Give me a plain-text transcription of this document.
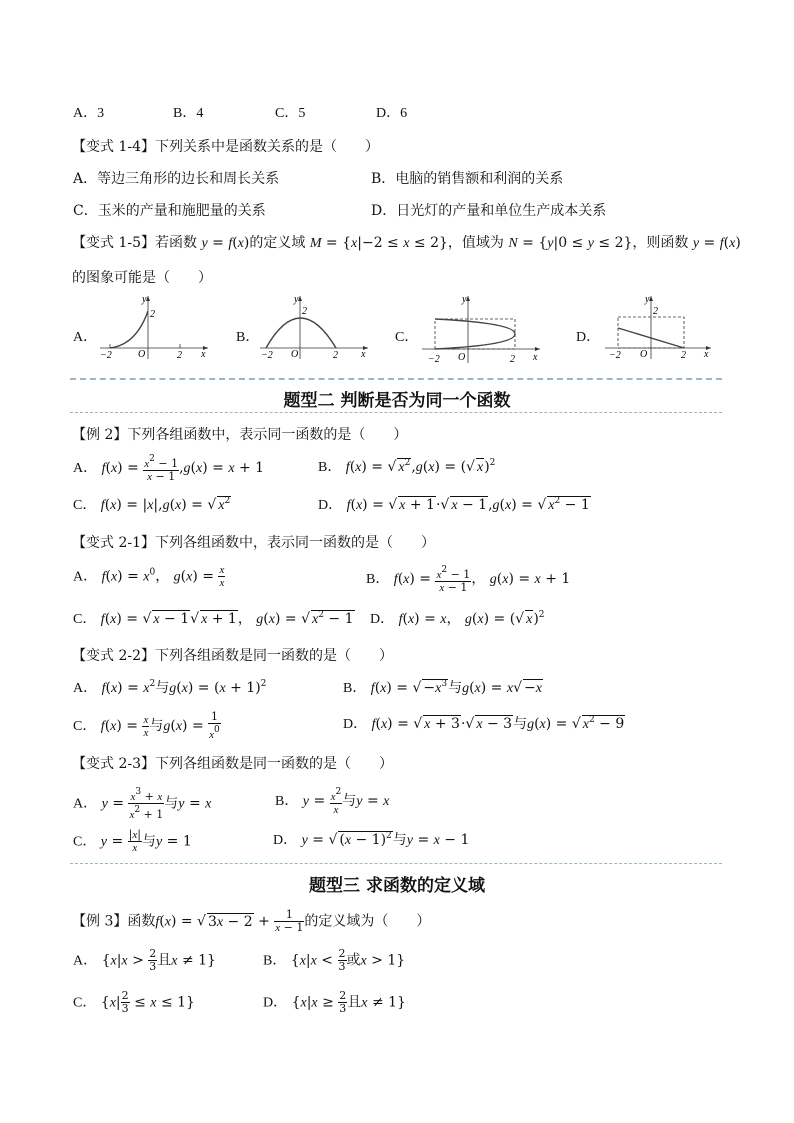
A．3	B．4	C．5	D．6
【变式 1-4】下列关系中是函数关系的是（　　）
A．等边三角形的边长和周长关系	B．电脑的销售额和利润的关系
C．玉米的产量和施肥量的关系	D．日光灯的产量和单位生产成本关系
【变式 1-5】若函数 y = f(x)的定义域 M = {x|−2 ≤ x ≤ 2}，值域为 N = {y|0 ≤ y ≤ 2}，则函数 y = f(x)
的图象可能是（　　）
A．	B．	C．	D．
−2	O	2 x
y
2
−2 O	2 x
y
2
−2 O	2 x
y
−2 O	2 x
y
2
题型二 判断是否为同一个函数
【例 2】下列各组函数中，表示同一函数的是（　　）
A． $f(x) = \frac{x^2 - 1}{x - 1} ,g(x) = x + 1$	B． f(x) = √ $x^2,g(x)$ = (√ x)$^2$
C． f(x) = |x|,g(x) = √ $x^2$	D． f(x) = √ x + 1·√ x − 1,g(x) = √ $x^2 - 1$
【变式 2-1】下列各组函数中，表示同一函数的是（　　）
A． $f(x) = x^0$， $g(x) = \frac{x}{x}$	B． $f(x) = \frac{x^2 - 1}{x - 1}$ ， g(x) = x + 1
C． f(x) = √ x − 1√ x + 1， g(x) = √ $x^2 - 1$ D． f(x) = x， g(x) = (√ x)$^2$
【变式 2-2】下列各组函数是同一函数的是（　　）
A． $f(x) = x^2$与$g(x) = (x + 1)^2$	B． f(x) = √ $-x^3$与g(x) = x√ −x
C． $f(x) = \frac{x}{x}$ 与$g(x) = \frac{1}{x^0}$	D． f(x) = √ x + 3·√ x − 3与g(x) = √ $x^2 - 9$
【变式 2-3】下列各组函数是同一函数的是（　　）
A． $y = \frac{x^3 + x}{x^2 + 1}$ 与y = x	B． $y = \frac{x^2}{x}$ 与y = x
C． $y = \frac{|x|}{x}$ 与y = 1	D． y = √ $(x - 1)^2$与y = x − 1
题型三 求函数的定义域
【例 3】函数f(x) = √ $3x - 2 + \frac{1}{x - 1}$ 的定义域为（　　）
A． {$x|x > \frac{2}{3}$ 且x ≠ 1}	B． {$x|x < \frac{2}{3}$ 或x > 1}
C． $\{x| \frac{2}{3} \le x \le 1\}$	D． {$x|x \ge \frac{2}{3}$ 且x ≠ 1}
